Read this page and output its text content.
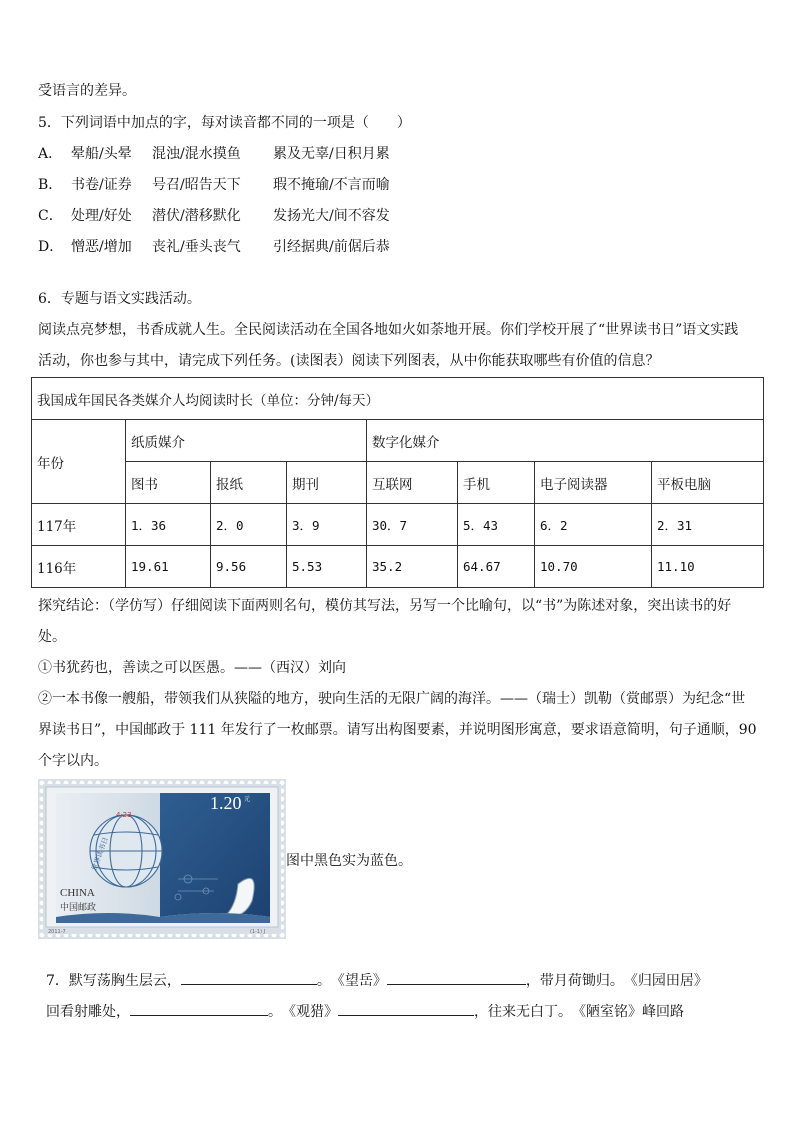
受语言的差异。
5．下列词语中加点的字，每对读音都不同的一项是（　　）
A． 晕船/头晕 混浊/混水摸鱼 累及无辜/日积月累
B． 书卷/证券 号召/昭告天下 瑕不掩瑜/不言而喻
C． 处理/好处 潜伏/潜移默化 发扬光大/间不容发
D． 憎恶/增加 丧礼/垂头丧气 引经据典/前倨后恭
6．专题与语文实践活动。
阅读点亮梦想，书香成就人生。全民阅读活动在全国各地如火如荼地开展。你们学校开展了“世界读书日”语文实践
活动，你也参与其中，请完成下列任务。(读图表）阅读下列图表，从中你能获取哪些有价值的信息？
我国成年国民各类媒介人均阅读时长（单位：分钟/每天）							
年份	纸质媒介			数字化媒介			
	图书	报纸	期刊	互联网	手机	电子阅读器	平板电脑
117年	1．36	2．0	3．9	30．7	5．43	6．2	2．31
116年	19.61	9.56	5.53	35.2	64.67	10.70	11.10
探究结论：（学仿写）仔细阅读下面两则名句，模仿其写法，另写一个比喻句，以“书”为陈述对象，突出读书的好
处。
①书犹药也，善读之可以医愚。——（西汉）刘向
②一本书像一艘船，带领我们从狭隘的地方，驶向生活的无限广阔的海洋。——（瑞士）凯勒（赏邮票）为纪念“世
界读书日”，中国邮政于 111 年发行了一枚邮票。请写出构图要素，并说明图形寓意，要求语意简明，句子通顺，90
个字以内。
1.20 元
4·23
世界读书日
CHINA
中国邮政
2011-7	(1-1) J
图中黑色实为蓝色。
7．默写荡胸生层云，	。　《望岳》	，带月荷锄归。　《归园田居》
回看射雕处，	。　《观猎》	，往来无白丁。　《陋室铭》峰回路
